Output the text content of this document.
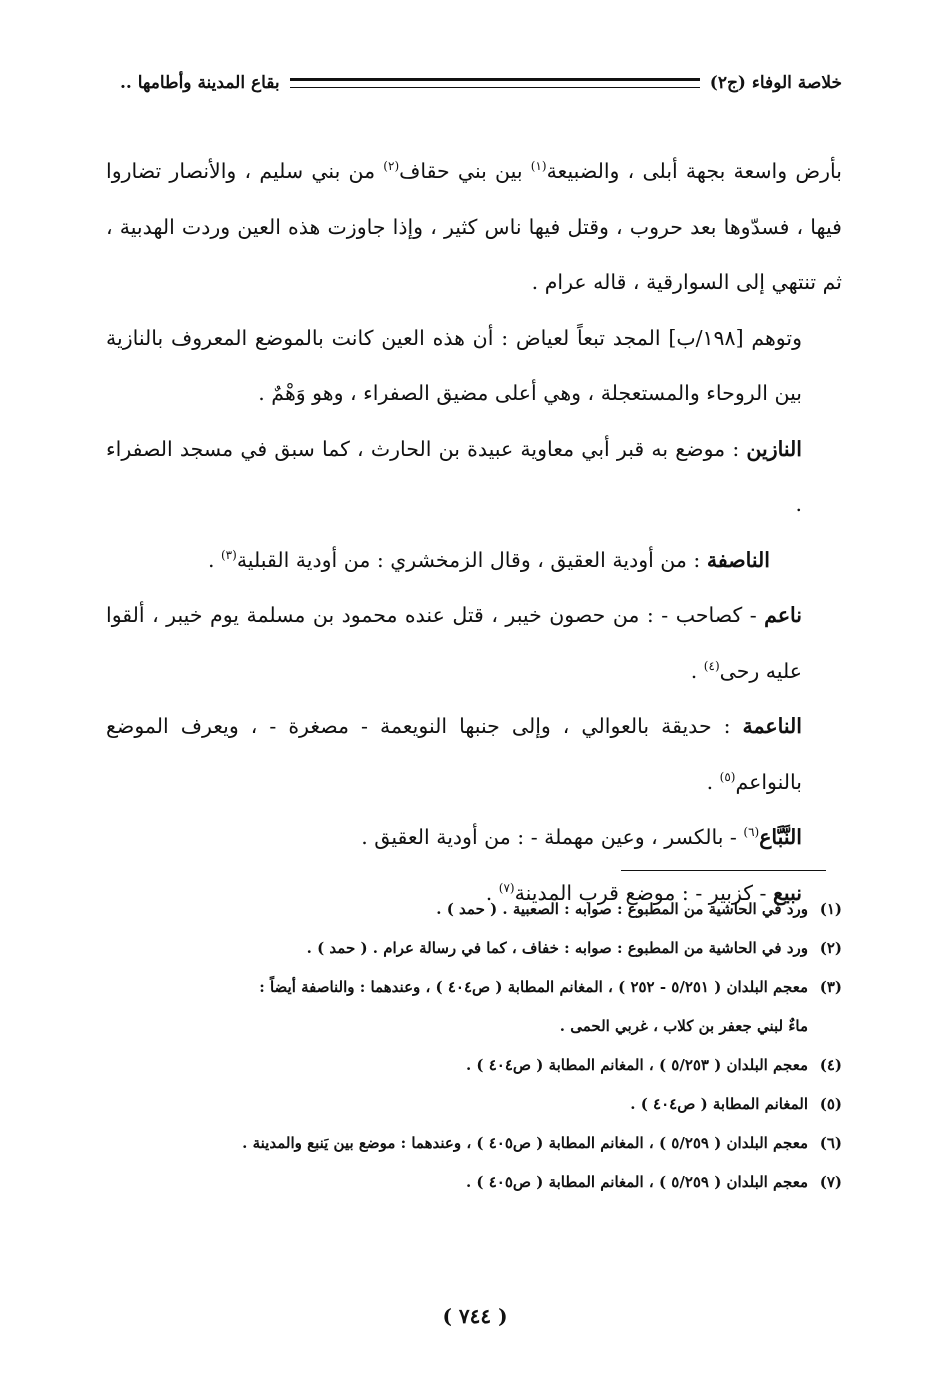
خلاصة الوفاء (ج٢)
بقاع المدينة وأطامها ..

بأرض واسعة بجهة أبلى ، والضبيعة$^{(١)}$ بين بني حقاف$^{(٢)}$ من بني سليم ، والأنصار تضاروا فيها ، فسدّوها بعد حروب ، وقتل فيها ناس كثير ، وإذا جاوزت هذه العين وردت الهدبية ، ثم تنتهي إلى السوارقية ، قاله عرام .

وتوهم [١٩٨/ب] المجد تبعاً لعياض : أن هذه العين كانت بالموضع المعروف بالنازية بين الروحاء والمستعجلة ، وهي أعلى مضيق الصفراء ، وهو وَهْمٌ .

النازين : موضع به قبر أبي معاوية عبيدة بن الحارث ، كما سبق في مسجد الصفراء .

الناصفة : من أودية العقيق ، وقال الزمخشري : من أودية القبلية$^{(٣)}$ .

ناعم - كصاحب - : من حصون خيبر ، قتل عنده محمود بن مسلمة يوم خيبر ، ألقوا عليه رحى$^{(٤)}$ .

الناعمة : حديقة بالعوالي ، وإلى جنبها النويعمة - مصغرة - ، ويعرف الموضع بالنواعم$^{(٥)}$ .

النَّبَّاع$^{(٦)}$ - بالكسر ، وعين مهملة - : من أودية العقيق .

نبيع - كزبير - : موضع قرب المدينة$^{(٧)}$ .

(١)
ورد في الحاشية من المطبوع : صوابه : الصعبية . ( حمد ) .
(٢)
ورد في الحاشية من المطبوع : صوابه : خفاف ، كما في رسالة عرام . ( حمد ) .
(٣)
معجم البلدان ( ٥/٢٥١ - ٢٥٢ ) ، المغانم المطابة ( ص٤٠٤ ) ، وعندهما : والناصفة أيضاً :
ماءٌ لبني جعفر بن كلاب ، غربي الحمى .
(٤)
معجم البلدان ( ٥/٢٥٣ ) ، المغانم المطابة ( ص٤٠٤ ) .
(٥)
المغانم المطابة ( ص٤٠٤ ) .
(٦)
معجم البلدان ( ٥/٢٥٩ ) ، المغانم المطابة ( ص٤٠٥ ) ، وعندهما : موضع بين يَنبع والمدينة .
(٧)
معجم البلدان ( ٥/٢٥٩ ) ، المغانم المطابة ( ص٤٠٥ ) .
( ٧٤٤ )
